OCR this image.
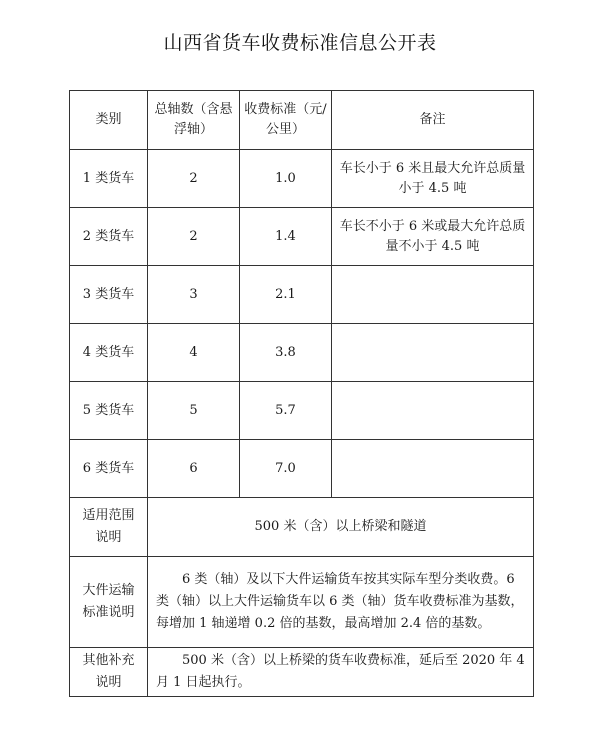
山西省货车收费标准信息公开表
类别	总轴数（含悬浮轴）	收费标准（元/公里）	备注

1 类货车	2	1.0	车长小于 6 米且最大允许总质量小于 4.5 吨

2 类货车	2	1.4	车长不小于 6 米或最大允许总质量不小于 4.5 吨

3 类货车	3	2.1	
4 类货车	4	3.8	
5 类货车	5	5.7	
6 类货车	6	7.0	

适用范围说明	500 米（含）以上桥梁和隧道		

大件运输标准说明	6 类（轴）及以下大件运输货车按其实际车型分类收费。6 类（轴）以上大件运输货车以 6 类（轴）货车收费标准为基数，每增加 1 轴递增 0.2 倍的基数，最高增加 2.4 倍的基数。		

其他补充说明	500 米（含）以上桥梁的货车收费标准，延后至 2020 年 4 月 1 日起执行。		
